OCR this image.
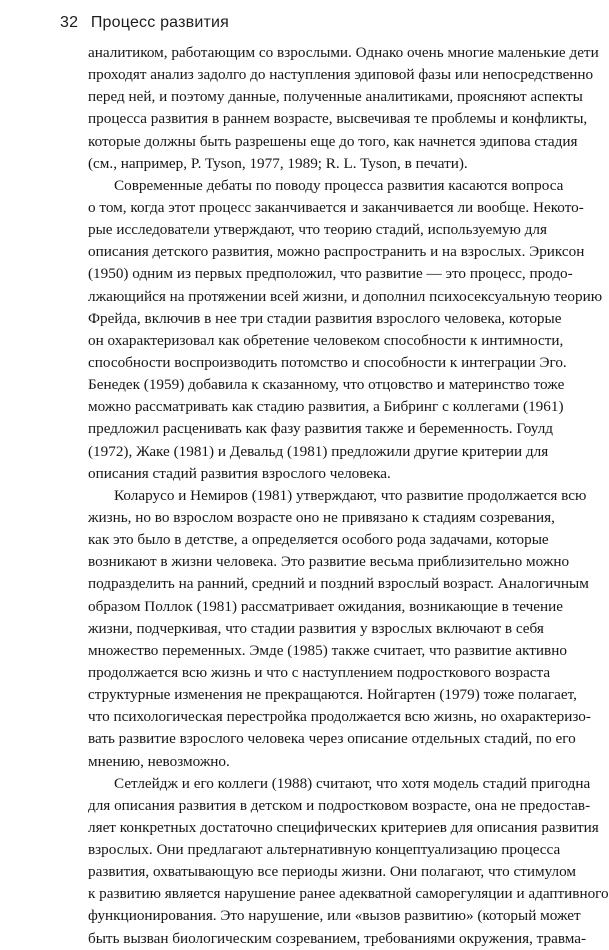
32 Процесс развития
аналитиком, работающим со взрослыми. Однако очень многие маленькие дети
проходят анализ задолго до наступления эдиповой фазы или непосредственно
перед ней, и поэтому данные, полученные аналитиками, проясняют аспекты
процесса развития в раннем возрасте, высвечивая те проблемы и конфликты,
которые должны быть разрешены еще до того, как начнется эдипова стадия
(см., например, P. Tyson, 1977, 1989; R. L. Tyson, в печати).
Современные дебаты по поводу процесса развития касаются вопроса
о том, когда этот процесс заканчивается и заканчивается ли вообще. Некото-
рые исследователи утверждают, что теорию стадий, используемую для
описания детского развития, можно распространить и на взрослых. Эриксон
(1950) одним из первых предположил, что развитие — это процесс, продо-
лжающийся на протяжении всей жизни, и дополнил психосексуальную теорию
Фрейда, включив в нее три стадии развития взрослого человека, которые
он охарактеризовал как обретение человеком способности к интимности,
способности воспроизводить потомство и способности к интеграции Эго.
Бенедек (1959) добавила к сказанному, что отцовство и материнство тоже
можно рассматривать как стадию развития, а Бибринг с коллегами (1961)
предложил расценивать как фазу развития также и беременность. Гоулд
(1972), Жаке (1981) и Девальд (1981) предложили другие критерии для
описания стадий развития взрослого человека.
Коларусо и Немиров (1981) утверждают, что развитие продолжается всю
жизнь, но во взрослом возрасте оно не привязано к стадиям созревания,
как это было в детстве, а определяется особого рода задачами, которые
возникают в жизни человека. Это развитие весьма приблизительно можно
подразделить на ранний, средний и поздний взрослый возраст. Аналогичным
образом Поллок (1981) рассматривает ожидания, возникающие в течение
жизни, подчеркивая, что стадии развития у взрослых включают в себя
множество переменных. Эмде (1985) также считает, что развитие активно
продолжается всю жизнь и что с наступлением подросткового возраста
структурные изменения не прекращаются. Нойгартен (1979) тоже полагает,
что психологическая перестройка продолжается всю жизнь, но охарактеризо-
вать развитие взрослого человека через описание отдельных стадий, по его
мнению, невозможно.
Сетлейдж и его коллеги (1988) считают, что хотя модель стадий пригодна
для описания развития в детском и подростковом возрасте, она не предостав-
ляет конкретных достаточно специфических критериев для описания развития
взрослых. Они предлагают альтернативную концептуализацию процесса
развития, охватывающую все периоды жизни. Они полагают, что стимулом
к развитию является нарушение ранее адекватной саморегуляции и адаптивного
функционирования. Это нарушение, или «вызов развитию» (который может
быть вызван биологическим созреванием, требованиями окружения, травма-
